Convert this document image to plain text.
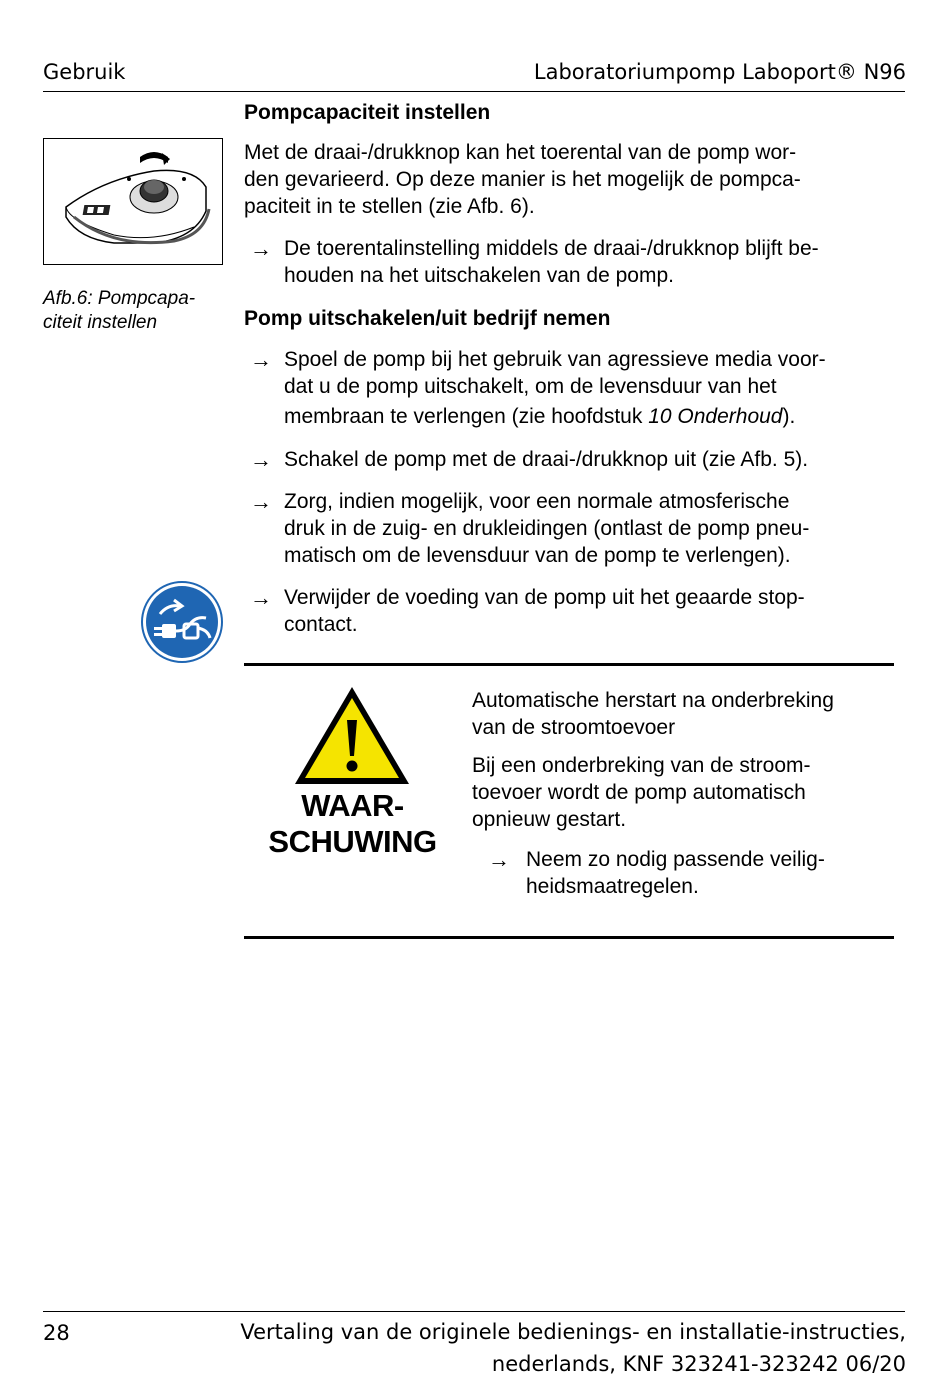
Gebruik	Laboratoriumpomp Laboport® N96
Afb.6: Pompcapa-
citeit instellen
Pompcapaciteit instellen
Met de draai-/drukknop kan het toerental van de pomp wor-
den gevarieerd. Op deze manier is het mogelijk de pompca-
paciteit in te stellen (zie Afb. 6).
→ De toerentalinstelling middels de draai-/drukknop blijft be-
houden na het uitschakelen van de pomp.
Pomp uitschakelen/uit bedrijf nemen
→ Spoel de pomp bij het gebruik van agressieve media voor-
dat u de pomp uitschakelt, om de levensduur van het
membraan te verlengen (zie hoofdstuk 10 Onderhoud).
→ Schakel de pomp met de draai-/drukknop uit (zie Afb. 5).
→ Zorg, indien mogelijk, voor een normale atmosferische
druk in de zuig- en drukleidingen (ontlast de pomp pneu-
matisch om de levensduur van de pomp te verlengen).
→ Verwijder de voeding van de pomp uit het geaarde stop-
contact.
WAAR-
SCHUWING
Automatische herstart na onderbreking
van de stroomtoevoer
Bij een onderbreking van de stroom-
toevoer wordt de pomp automatisch
opnieuw gestart.
→ Neem zo nodig passende veilig-
heidsmaatregelen.
28	Vertaling van de originele bedienings- en installatie-instructies,
nederlands, KNF 323241-323242 06/20
